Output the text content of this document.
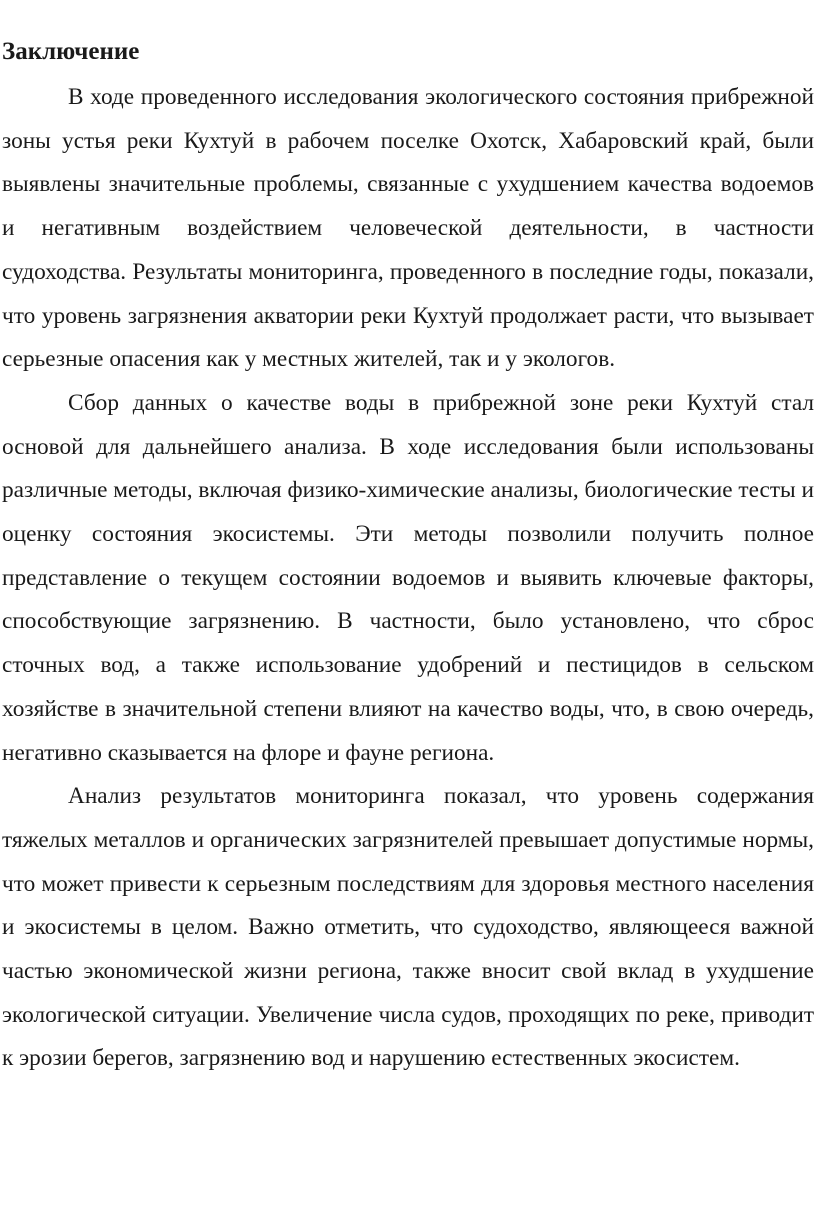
Заключение

В ходе проведенного исследования экологического состояния прибрежной зоны устья реки Кухтуй в рабочем поселке Охотск, Хабаровский край, были выявлены значительные проблемы, связанные с ухудшением качества водоемов и негативным воздействием человеческой деятельности, в частности судоходства. Результаты мониторинга, проведенного в последние годы, показали, что уровень загрязнения акватории реки Кухтуй продолжает расти, что вызывает серьезные опасения как у местных жителей, так и у экологов.

Сбор данных о качестве воды в прибрежной зоне реки Кухтуй стал основой для дальнейшего анализа. В ходе исследования были использованы различные методы, включая физико-химические анализы, биологические тесты и оценку состояния экосистемы. Эти методы позволили получить полное представление о текущем состоянии водоемов и выявить ключевые факторы, способствующие загрязнению. В частности, было установлено, что сброс сточных вод, а также использование удобрений и пестицидов в сельском хозяйстве в значительной степени влияют на качество воды, что, в свою очередь, негативно сказывается на флоре и фауне региона.

Анализ результатов мониторинга показал, что уровень содержания тяжелых металлов и органических загрязнителей превышает допустимые нормы, что может привести к серьезным последствиям для здоровья местного населения и экосистемы в целом. Важно отметить, что судоходство, являющееся важной частью экономической жизни региона, также вносит свой вклад в ухудшение экологической ситуации. Увеличение числа судов, проходящих по реке, приводит к эрозии берегов, загрязнению вод и нарушению естественных экосистем.
